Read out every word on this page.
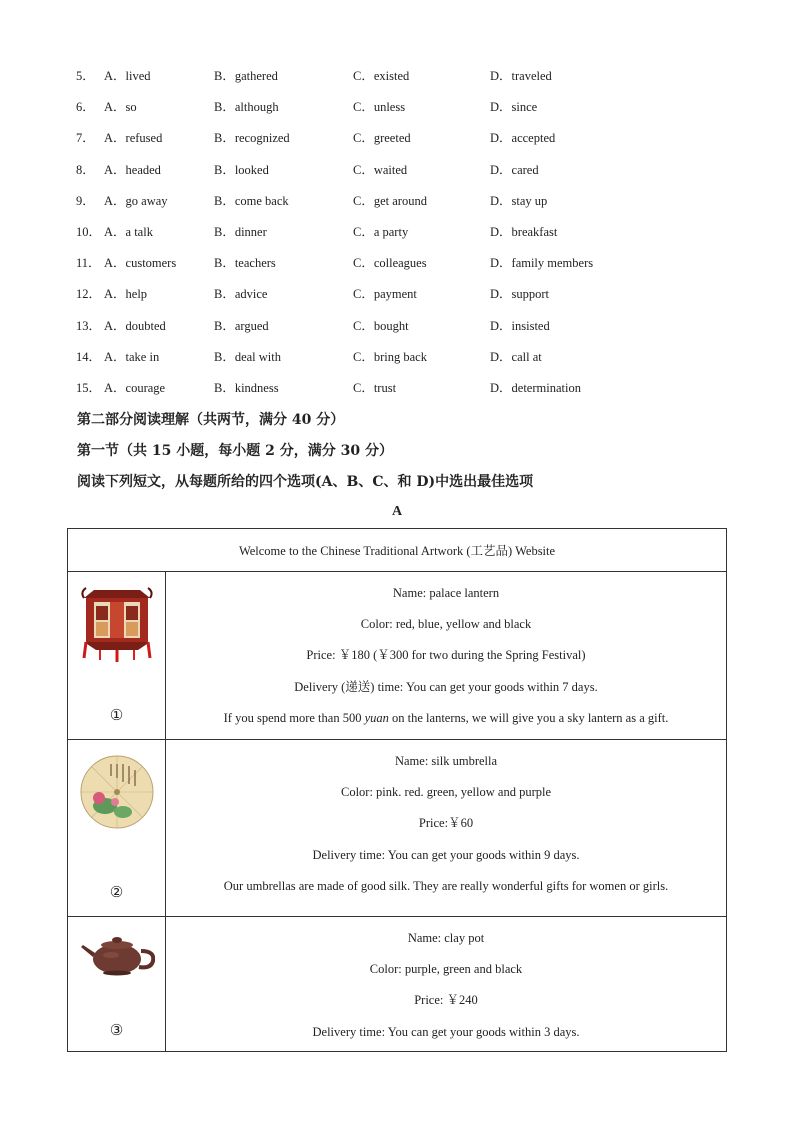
5． A．lived	B．gathered	C．existed	D．traveled
6． A．so	B．although	C．unless	D．since
7． A．refused	B．recognized	C．greeted	D．accepted
8． A．headed	B．looked	C．waited	D．cared
9． A．go away	B．come back	C．get around	D．stay up
10． A．a talk	B．dinner	C．a party	D．breakfast
11． A．customers	B．teachers	C．colleagues	D．family members
12． A．help	B．advice	C．payment	D．support
13． A．doubted	B．argued	C．bought	D．insisted
14． A．take in	B．deal with	C．bring back	D．call at
15． A．courage	B．kindness	C．trust	D．determination
第二部分阅读理解（共两节，满分 40 分）
第一节（共 15 小题，每小题 2 分，满分 30 分）
阅读下列短文，从每题所给的四个选项(A、B、C、和 D)中选出最佳选项
A
Welcome to the Chinese Traditional Artwork (工艺品) Website	

①	Name: palace lantern
Color: red, blue, yellow and black
Price: ￥180 (￥300 for two during the Spring Festival)
Delivery (递送) time: You can get your goods within 7 days.
If you spend more than 500 yuan on the lanterns, we will give you a sky lantern as a gift.

②	Name: silk umbrella
Color: pink. red. green, yellow and purple
Price:￥60
Delivery time: You can get your goods within 9 days.
Our umbrellas are made of good silk. They are really wonderful gifts for women or girls.

③	Name: clay pot
Color: purple, green and black
Price: ￥240
Delivery time: You can get your goods within 3 days.
